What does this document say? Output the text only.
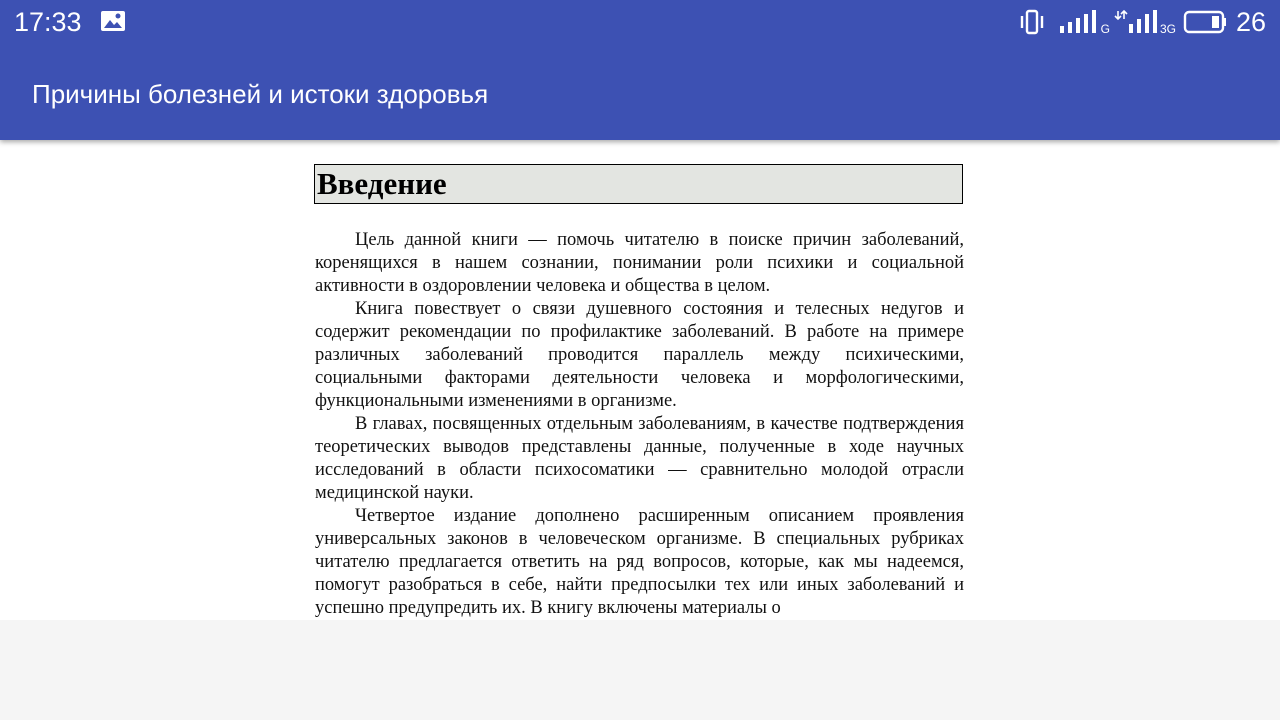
17:33	G	3G 26
Причины болезней и истоки здоровья
Введение

Цель данной книги — помочь читателю в поиске причин заболеваний, коренящихся в нашем сознании, понимании роли психики и социальной активности в оздоровлении человека и общества в целом.

Книга повествует о связи душевного состояния и телесных недугов и содержит рекомендации по профилактике заболеваний. В работе на примере различных заболеваний проводится параллель между психическими, социальными факторами деятельности человека и морфологическими, функциональными изменениями в организме.

В главах, посвященных отдельным заболеваниям, в качестве подтверждения теоретических выводов представлены данные, полученные в ходе научных исследований в области психосоматики — сравнительно молодой отрасли медицинской науки.

Четвертое издание дополнено расширенным описанием проявления универсальных законов в человеческом организме. В специальных рубриках читателю предлагается ответить на ряд вопросов, которые, как мы надеемся, помогут разобраться в себе, найти предпосылки тех или иных заболеваний и успешно предупредить их. В книгу включены материалы о
